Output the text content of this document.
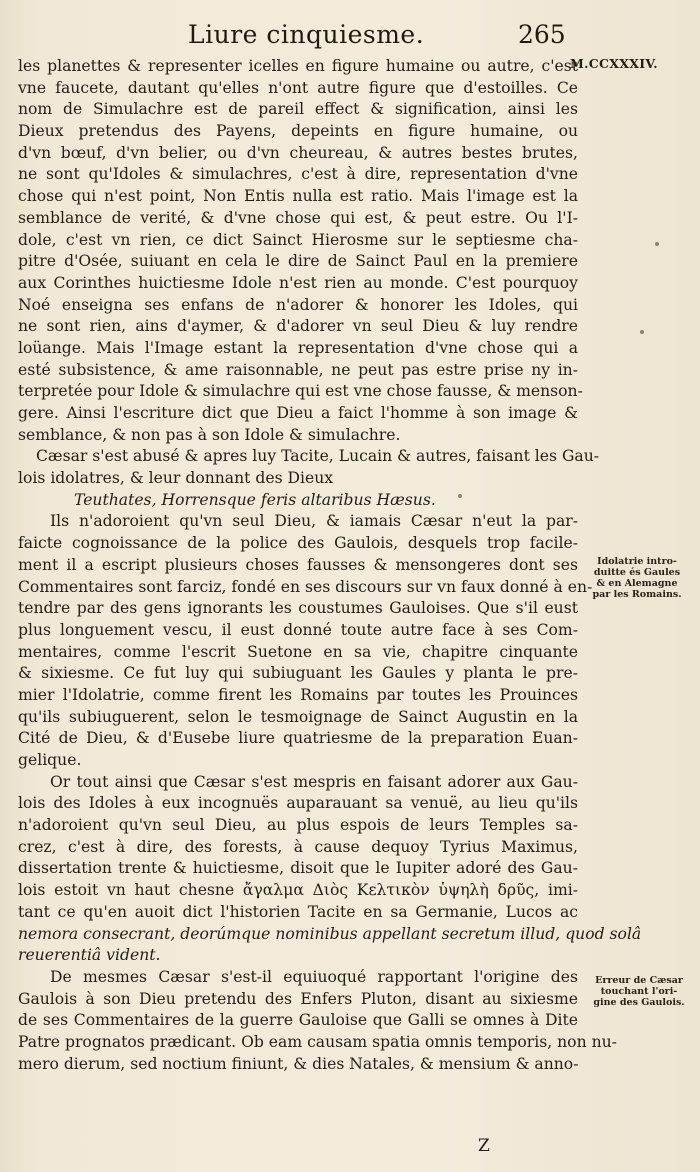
Liure cinquiesme.	265
M.CCXXXIV.
les planettes & representer icelles en figure humaine ou autre, c'est
vne faucete, dautant qu'elles n'ont autre figure que d'estoilles. Ce
nom de Simulachre est de pareil effect & signification, ainsi les
Dieux pretendus des Payens, depeints en figure humaine, ou
d'vn bœuf, d'vn belier, ou d'vn cheureau, & autres bestes brutes,
ne sont qu'Idoles & simulachres, c'est à dire, representation d'vne
chose qui n'est point, Non Entis nulla est ratio. Mais l'image est la
semblance de verité, & d'vne chose qui est, & peut estre. Ou l'I-
dole, c'est vn rien, ce dict Sainct Hierosme sur le septiesme cha-
pitre d'Osée, suiuant en cela le dire de Sainct Paul en la premiere
aux Corinthes huictiesme Idole n'est rien au monde. C'est pourquoy
Noé enseigna ses enfans de n'adorer & honorer les Idoles, qui
ne sont rien, ains d'aymer, & d'adorer vn seul Dieu & luy rendre
loüange. Mais l'Image estant la representation d'vne chose qui a
esté subsistence, & ame raisonnable, ne peut pas estre prise ny in-
terpretée pour Idole & simulachre qui est vne chose fausse, & menson-
gere. Ainsi l'escriture dict que Dieu a faict l'homme à son image &
semblance, & non pas à son Idole & simulachre.
Cæsar s'est abusé & apres luy Tacite, Lucain & autres, faisant les Gau-
lois idolatres, & leur donnant des Dieux
Teuthates, Horrensque feris altaribus Hæsus.
Ils n'adoroient qu'vn seul Dieu, & iamais Cæsar n'eut la par-
faicte cognoissance de la police des Gaulois, desquels trop facile-
ment il a escript plusieurs choses fausses & mensongeres dont ses
Commentaires sont farciz, fondé en ses discours sur vn faux donné à en-
tendre par des gens ignorants les coustumes Gauloises. Que s'il eust
plus longuement vescu, il eust donné toute autre face à ses Com-
mentaires, comme l'escrit Suetone en sa vie, chapitre cinquante
& sixiesme. Ce fut luy qui subiuguant les Gaules y planta le pre-
mier l'Idolatrie, comme firent les Romains par toutes les Prouinces
qu'ils subiuguerent, selon le tesmoignage de Sainct Augustin en la
Cité de Dieu, & d'Eusebe liure quatriesme de la preparation Euan-
gelique.
Or tout ainsi que Cæsar s'est mespris en faisant adorer aux Gau-
lois des Idoles à eux incognuës auparauant sa venuë, au lieu qu'ils
n'adoroient qu'vn seul Dieu, au plus espois de leurs Temples sa-
crez, c'est à dire, des forests, à cause dequoy Tyrius Maximus,
dissertation trente & huictiesme, disoit que le Iupiter adoré des Gau-
lois estoit vn haut chesne ἄγαλμα Διὸς Κελτικὸν ὑψηλὴ δρῦς, imi-
tant ce qu'en auoit dict l'historien Tacite en sa Germanie, Lucos ac
nemora consecrant, deorúmque nominibus appellant secretum illud, quod solâ
reuerentiâ vident.
De mesmes Cæsar s'est-il equiuoqué rapportant l'origine des
Gaulois à son Dieu pretendu des Enfers Pluton, disant au sixiesme
de ses Commentaires de la guerre Gauloise que Galli se omnes à Dite
Patre prognatos prædicant. Ob eam causam spatia omnis temporis, non nu-
mero dierum, sed noctium finiunt, & dies Natales, & mensium & anno-
Idolatrie intro-
duitte és Gaules
& en Alemagne
par les Romains.
Erreur de Cæsar
touchant l'ori-
gine des Gaulois.
Z
